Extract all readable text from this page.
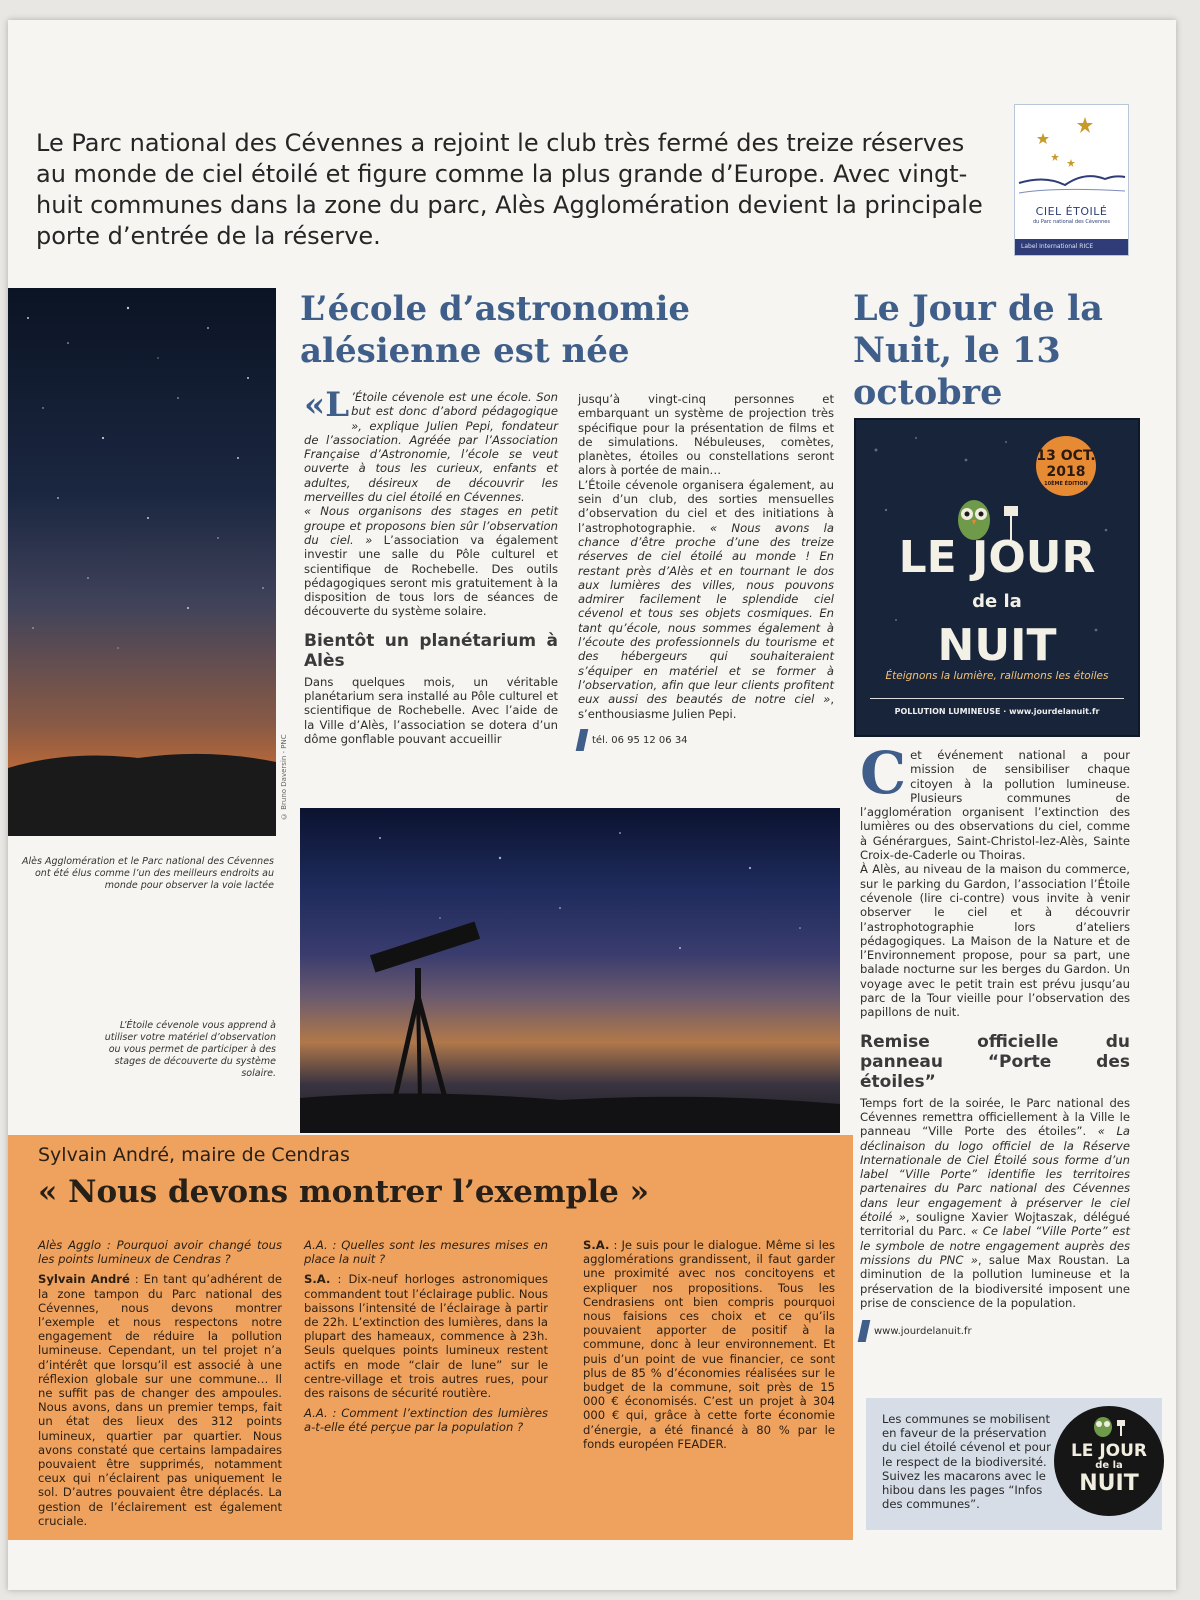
Le Parc national des Cévennes a rejoint le club très fermé des treize réserves au monde de ciel étoilé et figure comme la plus grande d’Europe. Avec vingt-huit communes dans la zone du parc, Alès Agglomération devient la principale porte d’entrée de la réserve.
CIEL ÉTOILÉ
du Parc national des Cévennes
Label International RICE
© Bruno Daversin - PNC
Alès Agglomération et le Parc national des Cévennes ont été élus comme l’un des meilleurs endroits au monde pour observer la voie lactée
L’école d’astronomie alésienne est née

«L ’Étoile cévenole est une école. Son but est donc d’abord pédagogique », explique Julien Pepi, fondateur de l’association. Agréée par l’Association Française d’Astronomie, l’école se veut ouverte à tous les curieux, enfants et adultes, désireux de découvrir les merveilles du ciel étoilé en Cévennes.

« Nous organisons des stages en petit groupe et proposons bien sûr l’observation du ciel. » L’association va également investir une salle du Pôle culturel et scientifique de Rochebelle. Des outils pédagogiques seront mis gratuitement à la disposition de tous lors de séances de découverte du système solaire.

Bientôt un planétarium à Alès

Dans quelques mois, un véritable planétarium sera installé au Pôle culturel et scientifique de Rochebelle. Avec l’aide de la Ville d’Alès, l’association se dotera d’un dôme gonflable pouvant accueillir

jusqu’à vingt-cinq personnes et embarquant un système de projection très spécifique pour la présentation de films et de simulations. Nébuleuses, comètes, planètes, étoiles ou constellations seront alors à portée de main…

L’Étoile cévenole organisera également, au sein d’un club, des sorties mensuelles d’observation du ciel et des initiations à l’astrophotographie. « Nous avons la chance d’être proche d’une des treize réserves de ciel étoilé au monde ! En restant près d’Alès et en tournant le dos aux lumières des villes, nous pouvons admirer facilement le splendide ciel cévenol et tous ses objets cosmiques. En tant qu’école, nous sommes également à l’écoute des professionnels du tourisme et des hébergeurs qui souhaiteraient s’équiper en matériel et se former à l’observation, afin que leur clients profitent eux aussi des beautés de notre ciel », s’enthousiasme Julien Pepi.

tél. 06 95 12 06 34
Le Jour de la Nuit, le 13 octobre
13 OCT. 2018
10ÈME ÉDITION
LE JOUR
de la
NUIT
Éteignons la lumière, rallumons les étoiles
POLLUTION LUMINEUSE · www.jourdelanuit.fr

Cet événement national a pour mission de sensibiliser chaque citoyen à la pollution lumineuse. Plusieurs communes de l’agglomération organisent l’extinction des lumières ou des observations du ciel, comme à Générargues, Saint-Christol-lez-Alès, Sainte Croix-de-Caderle ou Thoiras.

À Alès, au niveau de la maison du commerce, sur le parking du Gardon, l’association l’Étoile cévenole (lire ci-contre) vous invite à venir observer le ciel et à découvrir l’astrophotographie lors d’ateliers pédagogiques. La Maison de la Nature et de l’Environnement propose, pour sa part, une balade nocturne sur les berges du Gardon. Un voyage avec le petit train est prévu jusqu’au parc de la Tour vieille pour l’observation des papillons de nuit.

Remise officielle du panneau “Porte des étoiles”

Temps fort de la soirée, le Parc national des Cévennes remettra officiellement à la Ville le panneau “Ville Porte des étoiles”. « La déclinaison du logo officiel de la Réserve Internationale de Ciel Étoilé sous forme d’un label “Ville Porte” identifie les territoires partenaires du Parc national des Cévennes dans leur engagement à préserver le ciel étoilé », souligne Xavier Wojtaszak, délégué territorial du Parc. « Ce label “Ville Porte” est le symbole de notre engagement auprès des missions du PNC », salue Max Roustan. La diminution de la pollution lumineuse et la préservation de la biodiversité imposent une prise de conscience de la population.

www.jourdelanuit.fr
L’Étoile cévenole vous apprend à utiliser votre matériel d’observation ou vous permet de participer à des stages de découverte du système solaire.
Sylvain André, maire de Cendras
« Nous devons montrer l’exemple »

Alès Agglo : Pourquoi avoir changé tous les points lumineux de Cendras ?

Sylvain André : En tant qu’adhérent de la zone tampon du Parc national des Cévennes, nous devons montrer l’exemple et nous respectons notre engagement de réduire la pollution lumineuse. Cependant, un tel projet n’a d’intérêt que lorsqu’il est associé à une réflexion globale sur une commune… Il ne suffit pas de changer des ampoules. Nous avons, dans un premier temps, fait un état des lieux des 312 points lumineux, quartier par quartier. Nous avons constaté que certains lampadaires pouvaient être supprimés, notamment ceux qui n’éclairent pas uniquement le sol. D’autres pouvaient être déplacés. La gestion de l’éclairement est également cruciale.

A.A. : Quelles sont les mesures mises en place la nuit ?

S.A. : Dix-neuf horloges astronomiques commandent tout l’éclairage public. Nous baissons l’intensité de l’éclairage à partir de 22h. L’extinction des lumières, dans la plupart des hameaux, commence à 23h. Seuls quelques points lumineux restent actifs en mode “clair de lune” sur le centre-village et trois autres rues, pour des raisons de sécurité routière.

A.A. : Comment l’extinction des lumières a-t-elle été perçue par la population ?

S.A. : Je suis pour le dialogue. Même si les agglomérations grandissent, il faut garder une proximité avec nos concitoyens et expliquer nos propositions. Tous les Cendrasiens ont bien compris pourquoi nous faisions ces choix et ce qu’ils pouvaient apporter de positif à la commune, donc à leur environnement. Et puis d’un point de vue financier, ce sont plus de 85 % d’économies réalisées sur le budget de la commune, soit près de 15 000 € économisés. C’est un projet à 304 000 € qui, grâce à cette forte économie d’énergie, a été financé à 80 % par le fonds européen FEADER.

Les communes se mobilisent en faveur de la préservation du ciel étoilé cévenol et pour le respect de la biodiversité. Suivez les macarons avec le hibou dans les pages “Infos des communes”.
LE JOUR
de la
NUIT
